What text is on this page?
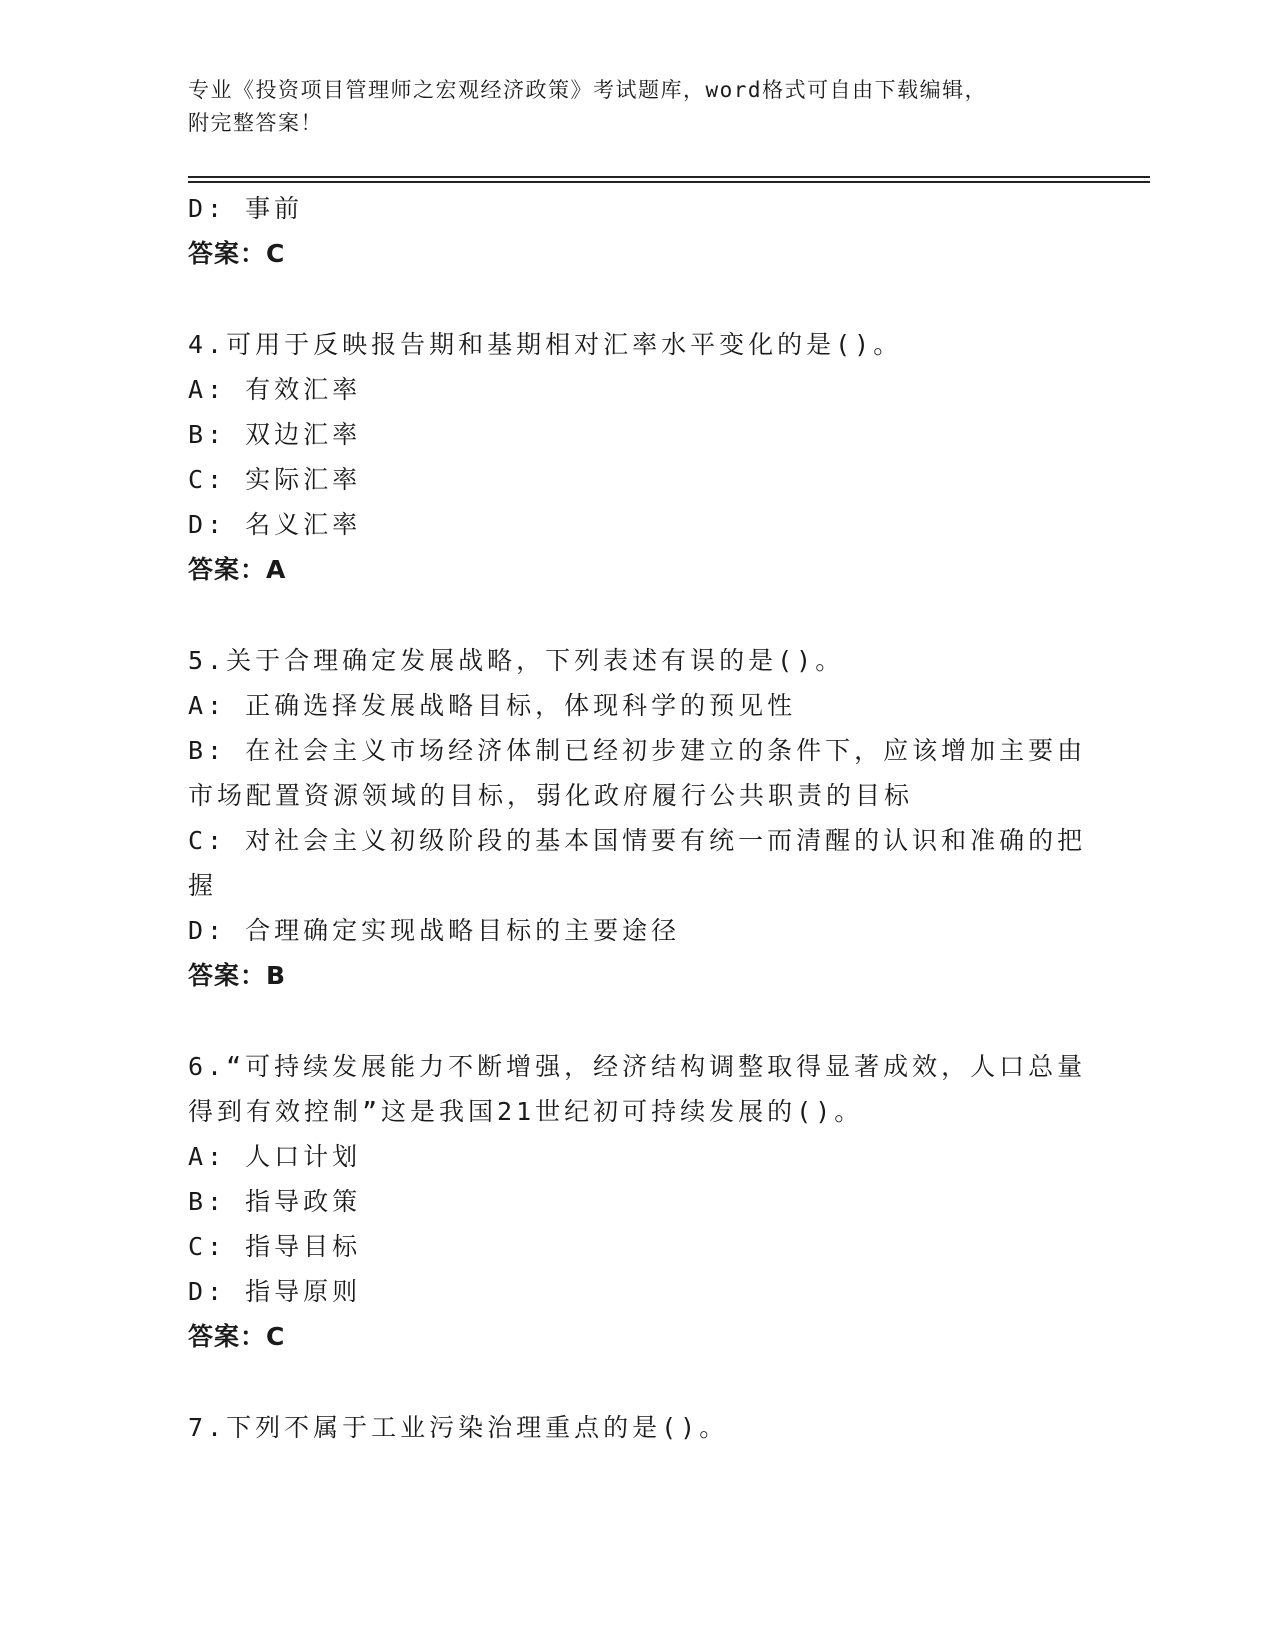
专业《投资项目管理师之宏观经济政策》考试题库，word格式可自由下载编辑，
附完整答案！
D: 事前
答案：C
4.可用于反映报告期和基期相对汇率水平变化的是()。
A: 有效汇率
B: 双边汇率
C: 实际汇率
D: 名义汇率
答案：A
5.关于合理确定发展战略，下列表述有误的是()。
A: 正确选择发展战略目标，体现科学的预见性
B: 在社会主义市场经济体制已经初步建立的条件下，应该增加主要由市场配置资源领域的目标，弱化政府履行公共职责的目标
C: 对社会主义初级阶段的基本国情要有统一而清醒的认识和准确的把握
D: 合理确定实现战略目标的主要途径
答案：B
6.“可持续发展能力不断增强，经济结构调整取得显著成效，人口总量得到有效控制”这是我国21世纪初可持续发展的()。
A: 人口计划
B: 指导政策
C: 指导目标
D: 指导原则
答案：C
7.下列不属于工业污染治理重点的是()。
